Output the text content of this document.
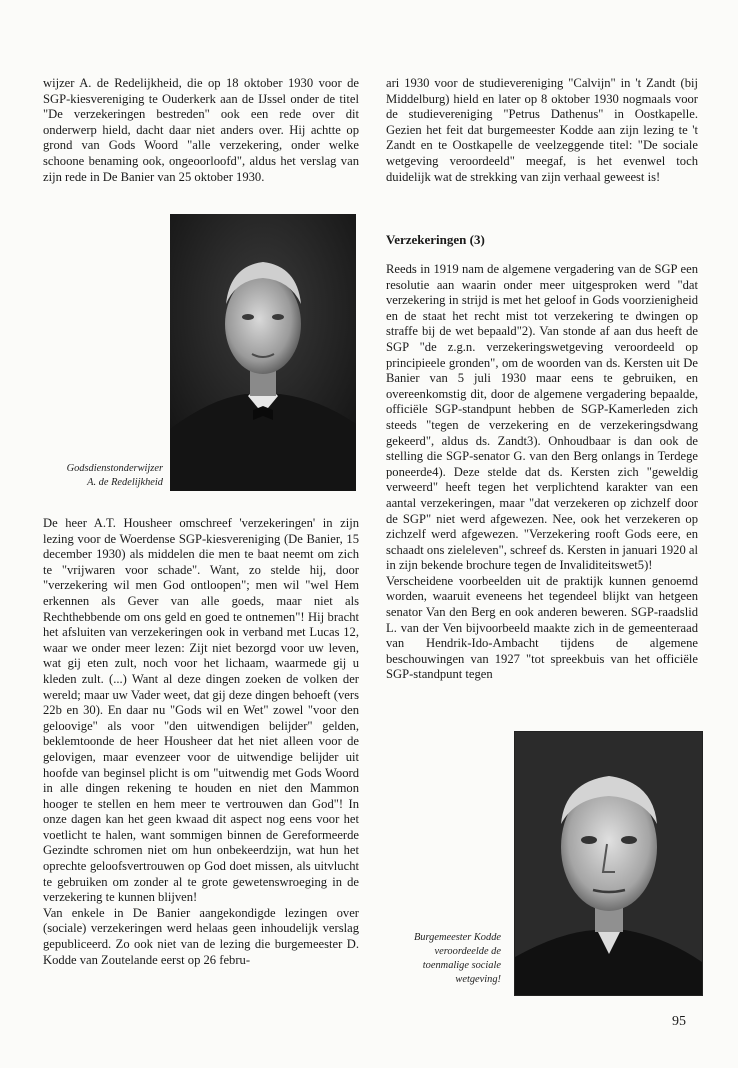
wijzer A. de Redelijkheid, die op 18 oktober 1930 voor de SGP-kiesvereniging te Ouderkerk aan de IJssel onder de titel "De verzekeringen bestreden" ook een rede over dit onderwerp hield, dacht daar niet anders over. Hij achtte op grond van Gods Woord "alle verzekering, onder welke schoone benaming ook, ongeoorloofd", aldus het verslag van zijn rede in De Banier van 25 oktober 1930.

Godsdienstonderwijzer
A. de Redelijkheid

De heer A.T. Housheer omschreef 'verzekeringen' in zijn lezing voor de Woerdense SGP-kiesvereniging (De Banier, 15 december 1930) als middelen die men te baat neemt om zich te "vrijwaren voor schade". Want, zo stelde hij, door "verzekering wil men God ontloopen"; men wil "wel Hem erkennen als Gever van alle goeds, maar niet als Rechthebbende om ons geld en goed te ontnemen"! Hij bracht het afsluiten van verzekeringen ook in verband met Lucas 12, waar we onder meer lezen: Zijt niet bezorgd voor uw leven, wat gij eten zult, noch voor het lichaam, waarmede gij u kleden zult. (...) Want al deze dingen zoeken de volken der wereld; maar uw Vader weet, dat gij deze dingen behoeft (vers 22b en 30). En daar nu "Gods wil en Wet" zowel "voor den geloovige" als voor "den uitwendigen belijder" gelden, beklemtoonde de heer Housheer dat het niet alleen voor de gelovigen, maar evenzeer voor de uitwendige belijder uit hoofde van beginsel plicht is om "uitwendig met Gods Woord in alle dingen rekening te houden en niet den Mammon hooger te stellen en hem meer te vertrouwen dan God"! In onze dagen kan het geen kwaad dit aspect nog eens voor het voetlicht te halen, want sommigen binnen de Gereformeerde Gezindte schromen niet om hun onbekeerdzijn, wat hun het oprechte geloofsvertrouwen op God doet missen, als uitvlucht te gebruiken om zonder al te grote gewetenswroeging in de verzekering te kunnen blijven!

Van enkele in De Banier aangekondigde lezingen over (sociale) verzekeringen werd helaas geen inhoudelijk verslag gepubliceerd. Zo ook niet van de lezing die burgemeester D. Kodde van Zoutelande eerst op 26 febru-

ari 1930 voor de studievereniging "Calvijn" in 't Zandt (bij Middelburg) hield en later op 8 oktober 1930 nogmaals voor de studievereniging "Petrus Dathenus" in Oostkapelle. Gezien het feit dat burgemeester Kodde aan zijn lezing te 't Zandt en te Oostkapelle de veelzeggende titel: "De sociale wetgeving veroordeeld" meegaf, is het evenwel toch duidelijk wat de strekking van zijn verhaal geweest is!

Verzekeringen (3)

Reeds in 1919 nam de algemene vergadering van de SGP een resolutie aan waarin onder meer uitgesproken werd "dat verzekering in strijd is met het geloof in Gods voorzienigheid en de staat het recht mist tot verzekering te dwingen op straffe bij de wet bepaald"2). Van stonde af aan dus heeft de SGP "de z.g.n. verzekeringswetgeving veroordeeld op principieele gronden", om de woorden van ds. Kersten uit De Banier van 5 juli 1930 maar eens te gebruiken, en overeenkomstig dit, door de algemene vergadering bepaalde, officiële SGP-standpunt hebben de SGP-Kamerleden zich steeds "tegen de verzekering en de verzekeringsdwang gekeerd", aldus ds. Zandt3). Onhoudbaar is dan ook de stelling die SGP-senator G. van den Berg onlangs in Terdege poneerde4). Deze stelde dat ds. Kersten zich "geweldig verweerd" heeft tegen het verplichtend karakter van een aantal verzekeringen, maar "dat verzekeren op zichzelf door de SGP" niet werd afgewezen. Nee, ook het verzekeren op zichzelf werd afgewezen. "Verzekering rooft Gods eere, en schaadt ons zieleleven", schreef ds. Kersten in januari 1920 al in zijn bekende brochure tegen de Invaliditeitswet5)!

Verscheidene voorbeelden uit de praktijk kunnen genoemd worden, waaruit eveneens het tegendeel blijkt van hetgeen senator Van den Berg en ook anderen beweren. SGP-raadslid L. van der Ven bijvoorbeeld maakte zich in de gemeenteraad van Hendrik-Ido-Ambacht tijdens de algemene beschouwingen van 1927 "tot spreekbuis van het officiële SGP-standpunt tegen

Burgemeester Kodde
veroordeelde de
toenmalige sociale
wetgeving!
95
